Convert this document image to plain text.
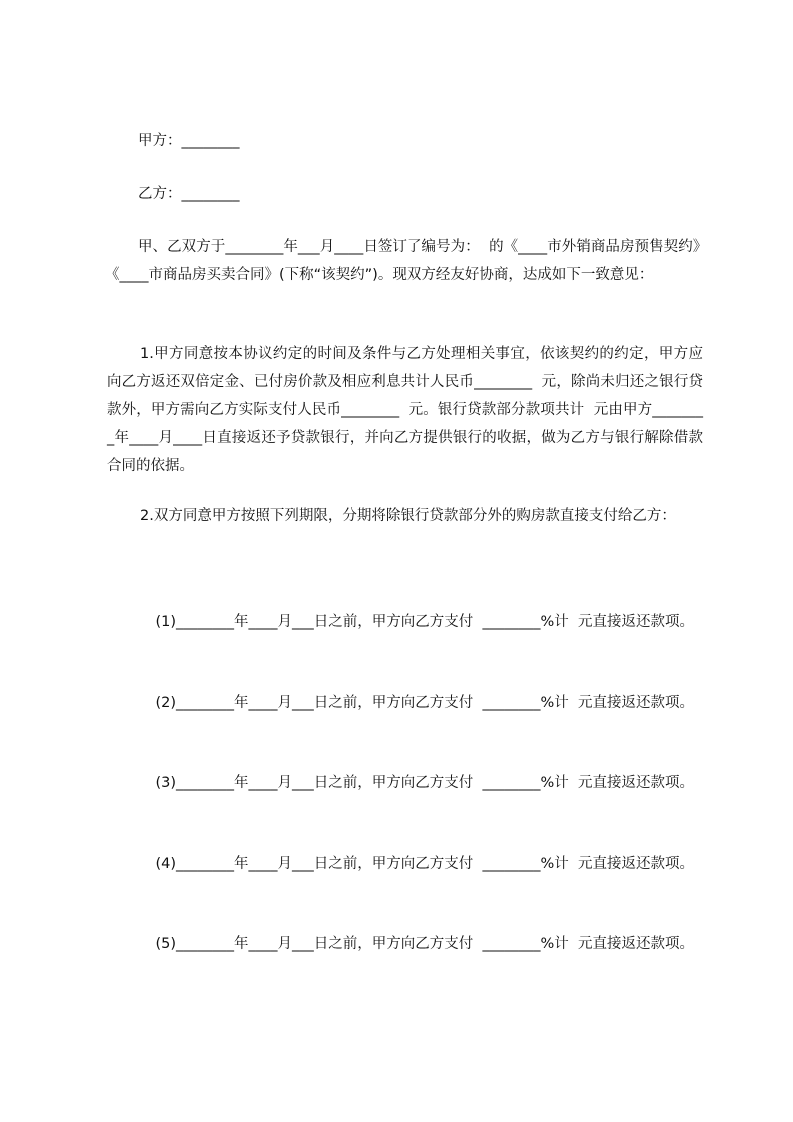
甲方：________
乙方：________
甲、乙双方于________年___月____日签订了编号为：  的《____市外销商品房预售契约》《____市商品房买卖合同》(下称“该契约”)。现双方经友好协商，达成如下一致意见：
1.甲方同意按本协议约定的时间及条件与乙方处理相关事宜，依该契约的约定，甲方应向乙方返还双倍定金、已付房价款及相应利息共计人民币________  元，除尚未归还之银行贷款外，甲方需向乙方实际支付人民币________  元。银行贷款部分款项共计  元由甲方________年____月____日直接返还予贷款银行，并向乙方提供银行的收据，做为乙方与银行解除借款合同的依据。
2.双方同意甲方按照下列期限，分期将除银行贷款部分外的购房款直接支付给乙方：

(1)________年____月___日之前，甲方向乙方支付  ________%计  元直接返还款项。

(2)________年____月___日之前，甲方向乙方支付  ________%计  元直接返还款项。

(3)________年____月___日之前，甲方向乙方支付  ________%计  元直接返还款项。

(4)________年____月___日之前，甲方向乙方支付  ________%计  元直接返还款项。

(5)________年____月___日之前，甲方向乙方支付  ________%计  元直接返还款项。
